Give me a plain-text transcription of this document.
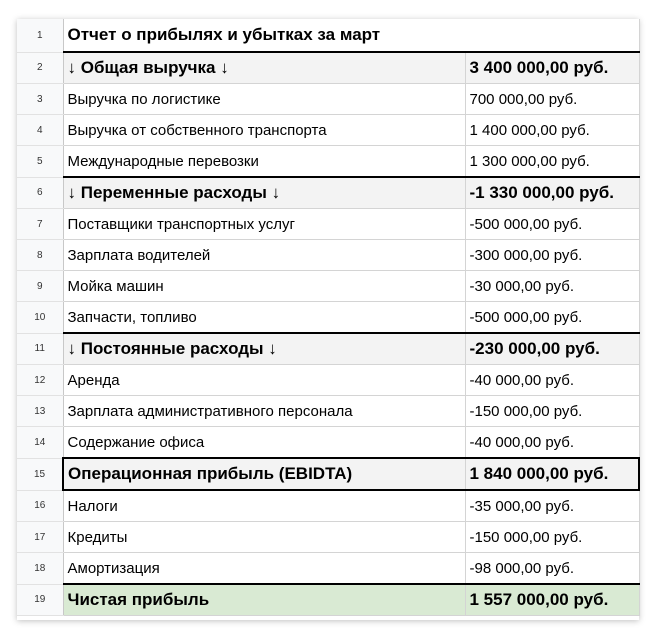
1	Отчет о прибылях и убытках за март	
2	↓ Общая выручка ↓	3 400 000,00 руб.
3	Выручка по логистике	700 000,00 руб.
4	Выручка от собственного транспорта	1 400 000,00 руб.
5	Международные перевозки	1 300 000,00 руб.
6	↓ Переменные расходы ↓	-1 330 000,00 руб.
7	Поставщики транспортных услуг	-500 000,00 руб.
8	Зарплата водителей	-300 000,00 руб.
9	Мойка машин	-30 000,00 руб.
10	Запчасти, топливо	-500 000,00 руб.
11	↓ Постоянные расходы ↓	-230 000,00 руб.
12	Аренда	-40 000,00 руб.
13	Зарплата административного персонала	-150 000,00 руб.
14	Содержание офиса	-40 000,00 руб.
15	Операционная прибыль (EBIDTA)	1 840 000,00 руб.
16	Налоги	-35 000,00 руб.
17	Кредиты	-150 000,00 руб.
18	Амортизация	-98 000,00 руб.
19	Чистая прибыль	1 557 000,00 руб.
